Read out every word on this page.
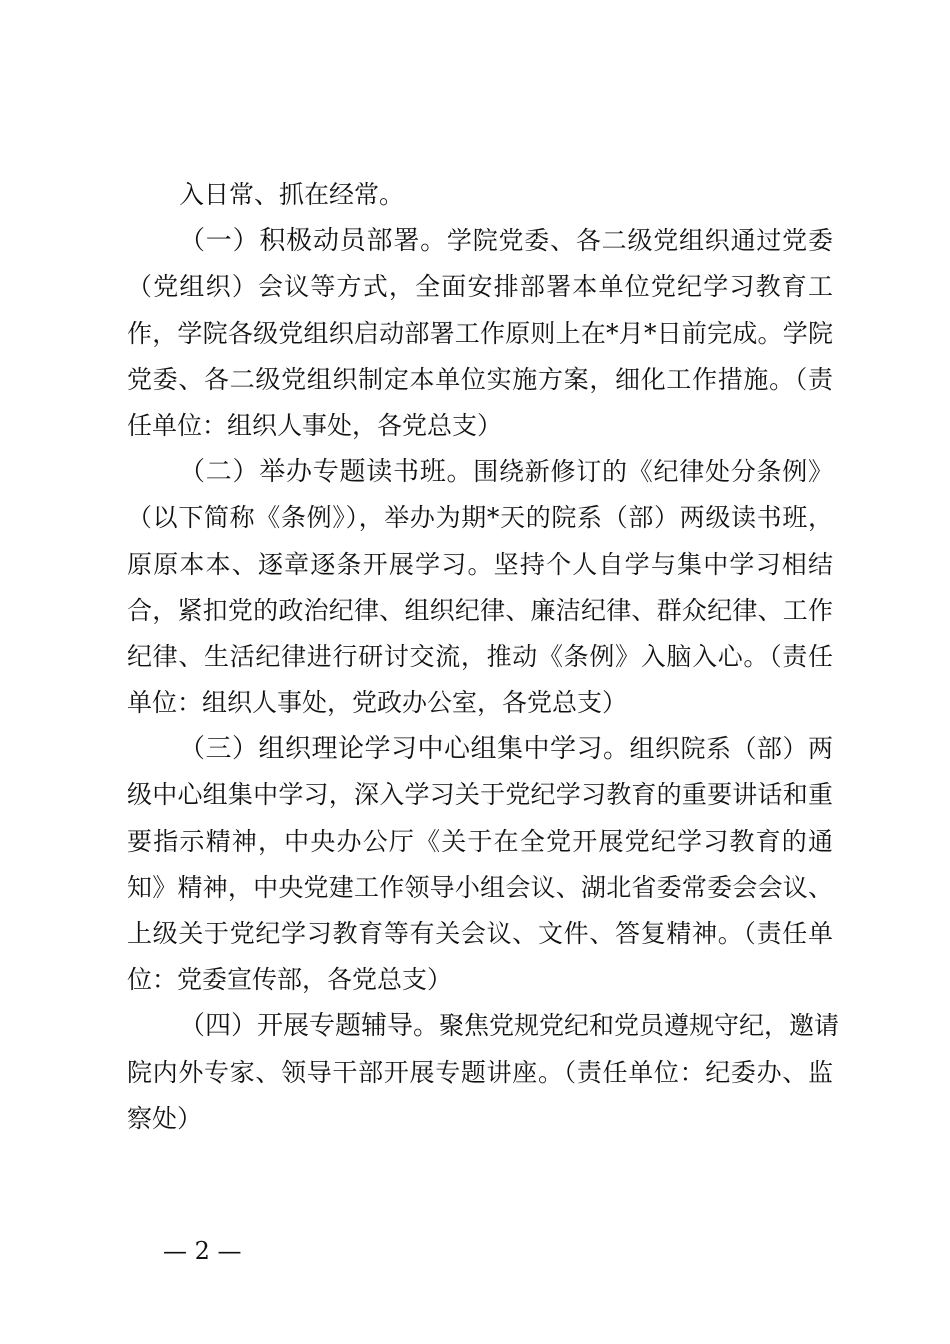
入日常、抓在经常。
（一）积极动员部署。学院党委、各二级党组织通过党委
（党组织）会议等方式，全面安排部署本单位党纪学习教育工
作，学院各级党组织启动部署工作原则上在*月*日前完成。学院
党委、各二级党组织制定本单位实施方案，细化工作措施。（责
任单位：组织人事处，各党总支）
（二）举办专题读书班。围绕新修订的《纪律处分条例》
（以下简称《条例》），举办为期*天的院系（部）两级读书班，
原原本本、逐章逐条开展学习。坚持个人自学与集中学习相结
合，紧扣党的政治纪律、组织纪律、廉洁纪律、群众纪律、工作
纪律、生活纪律进行研讨交流，推动《条例》入脑入心。（责任
单位：组织人事处，党政办公室，各党总支）
（三）组织理论学习中心组集中学习。组织院系（部）两
级中心组集中学习，深入学习关于党纪学习教育的重要讲话和重
要指示精神，中央办公厅《关于在全党开展党纪学习教育的通
知》精神，中央党建工作领导小组会议、湖北省委常委会会议、
上级关于党纪学习教育等有关会议、文件、答复精神。（责任单
位：党委宣传部，各党总支）
（四）开展专题辅导。聚焦党规党纪和党员遵规守纪，邀请
院内外专家、领导干部开展专题讲座。（责任单位：纪委办、监
察处）
— 2 —
